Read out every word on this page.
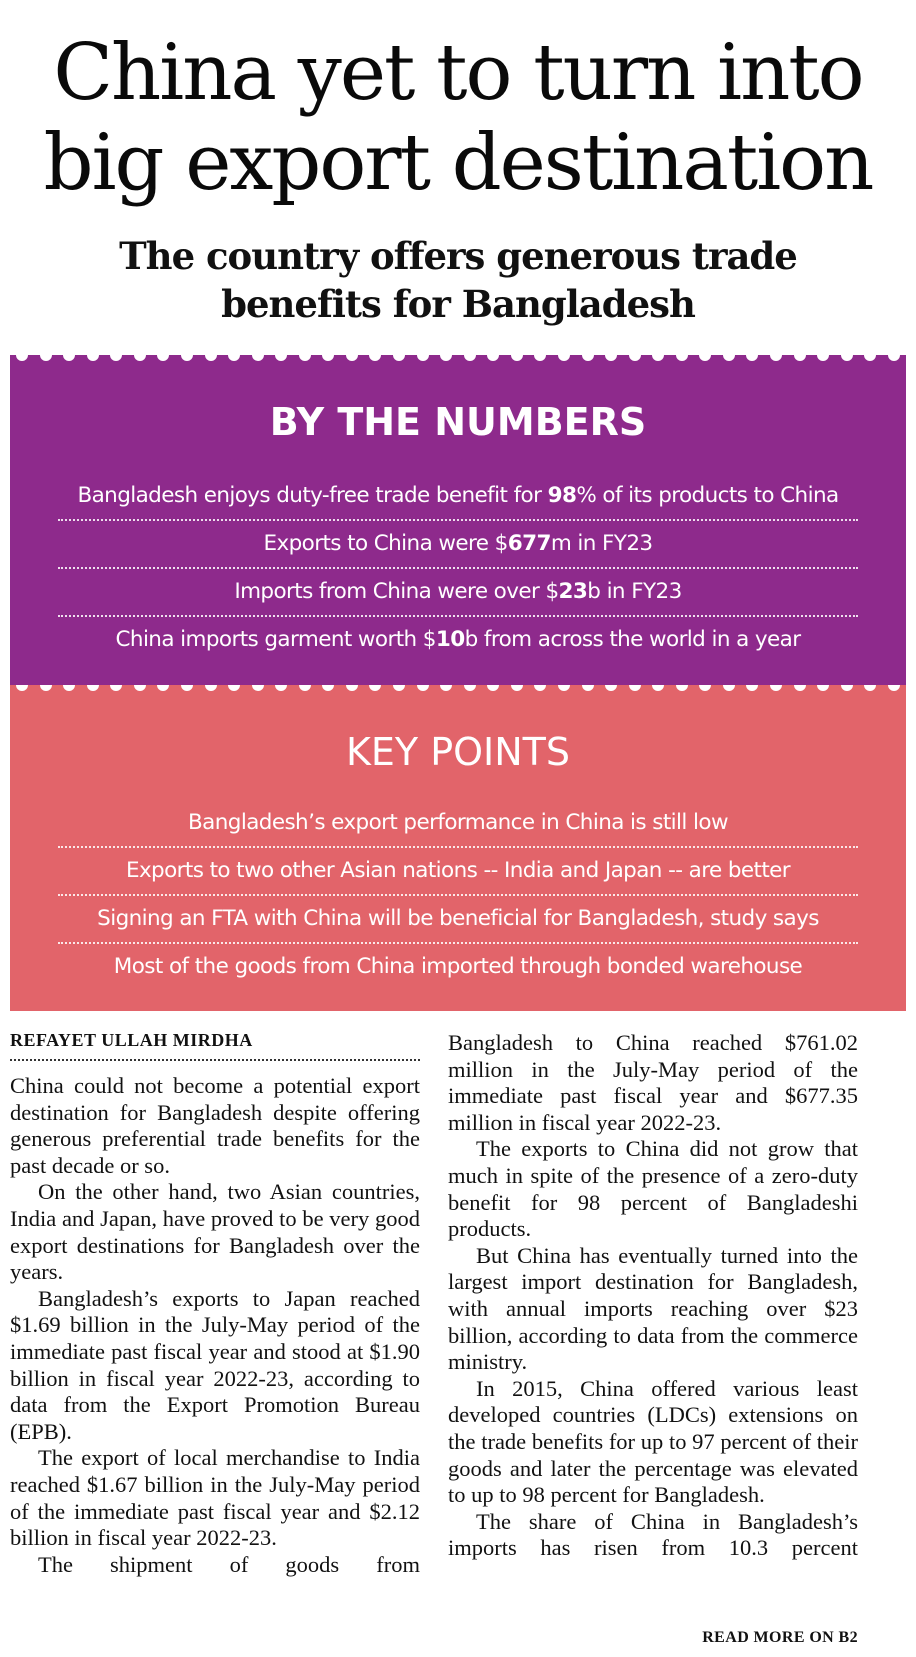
China yet to turn into
big export destination
The country offers generous trade
benefits for Bangladesh
BY THE NUMBERS
Bangladesh enjoys duty-free trade benefit for 98% of its products to China
Exports to China were $677m in FY23
Imports from China were over $23b in FY23
China imports garment worth $10b from across the world in a year
KEY POINTS
Bangladesh’s export performance in China is still low
Exports to two other Asian nations -- India and Japan -- are better
Signing an FTA with China will be beneficial for Bangladesh, study says
Most of the goods from China imported through bonded warehouse
REFAYET ULLAH MIRDHA

China could not become a potential export destination for Bangladesh despite offering generous preferential trade benefits for the past decade or so.

On the other hand, two Asian countries, India and Japan, have proved to be very good export destinations for Bangladesh over the years.

Bangladesh’s exports to Japan reached $1.69 billion in the July-May period of the immediate past fiscal year and stood at $1.90 billion in fiscal year 2022-23, according to data from the Export Promotion Bureau (EPB).

The export of local merchandise to India reached $1.67 billion in the July-May period of the immediate past fiscal year and $2.12 billion in fiscal year 2022-23.

The shipment of goods from

Bangladesh to China reached $761.02 million in the July-May period of the immediate past fiscal year and $677.35 million in fiscal year 2022-23.

The exports to China did not grow that much in spite of the presence of a zero-duty benefit for 98 percent of Bangladeshi products.

But China has eventually turned into the largest import destination for Bangladesh, with annual imports reaching over $23 billion, according to data from the commerce ministry.

In 2015, China offered various least developed countries (LDCs) extensions on the trade benefits for up to 97 percent of their goods and later the percentage was elevated to up to 98 percent for Bangladesh.

The share of China in Bangladesh’s imports has risen from 10.3 percent

READ MORE ON B2
